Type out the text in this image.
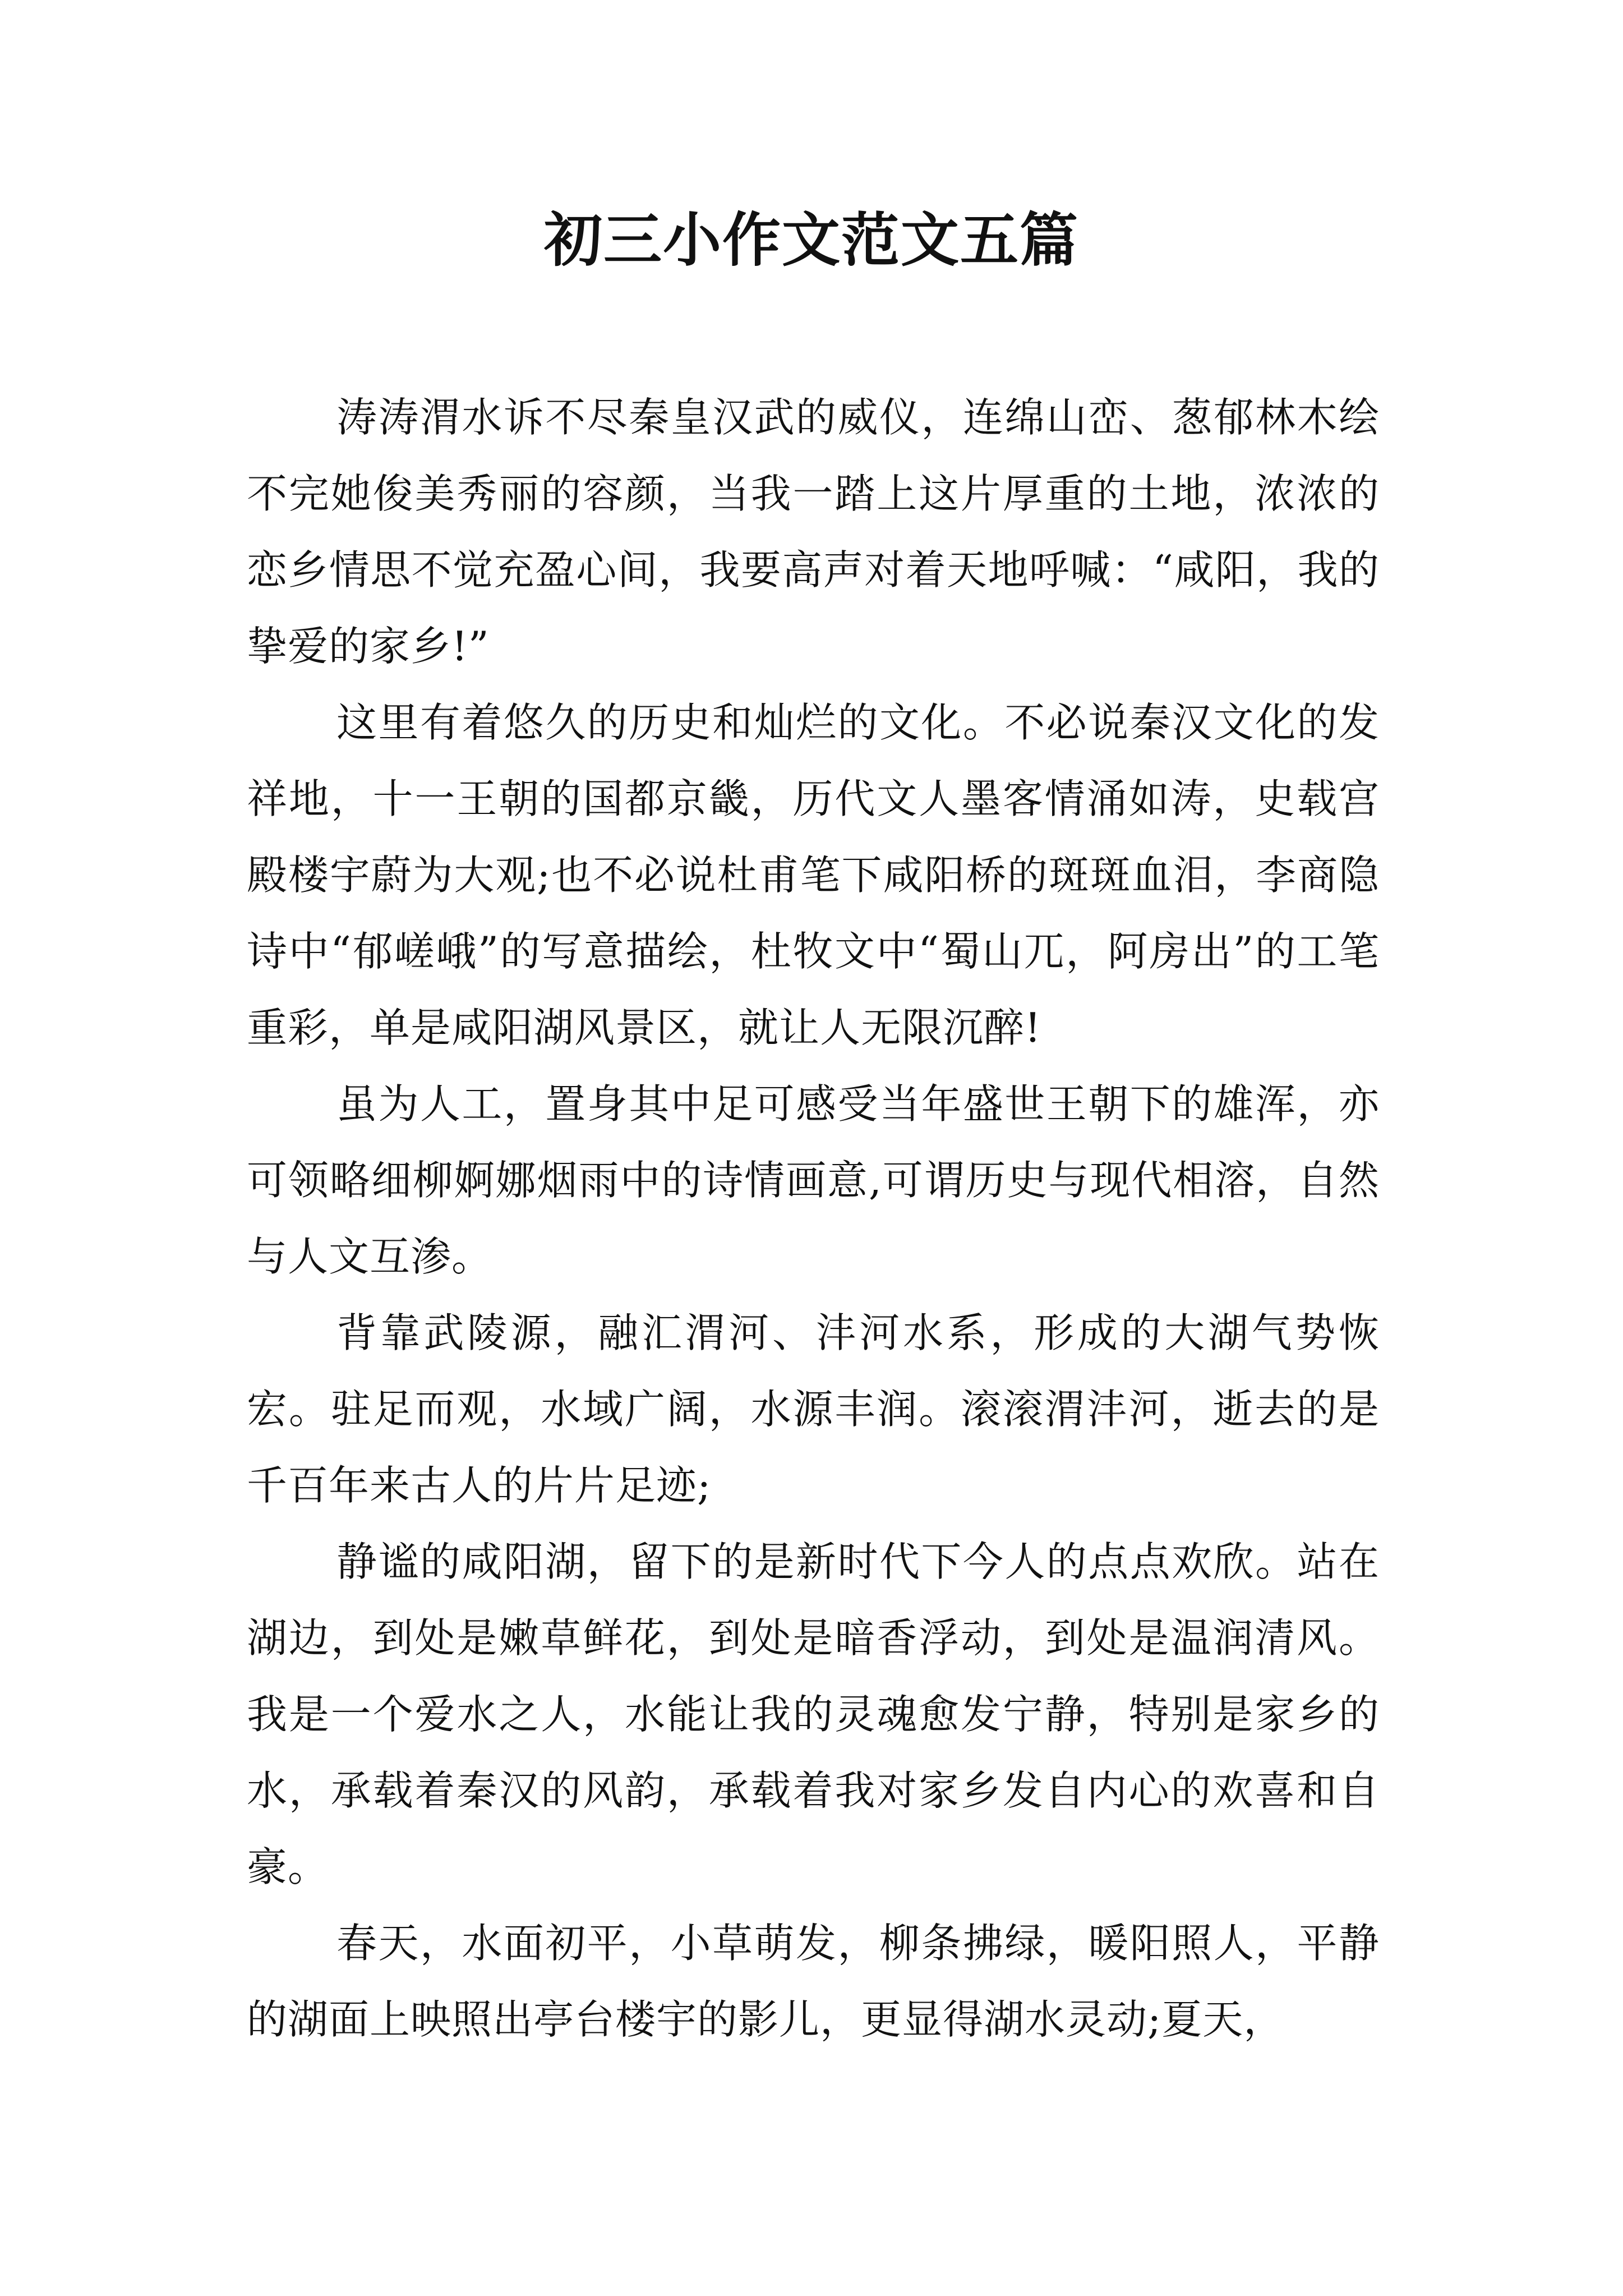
初三小作文范文五篇

涛涛渭水诉不尽秦皇汉武的威仪，连绵山峦、葱郁林木绘不完她俊美秀丽的容颜，当我一踏上这片厚重的土地，浓浓的恋乡情思不觉充盈心间，我要高声对着天地呼喊：“咸阳，我的挚爱的家乡!”

这里有着悠久的历史和灿烂的文化。不必说秦汉文化的发祥地，十一王朝的国都京畿，历代文人墨客情涌如涛，史载宫殿楼宇蔚为大观;也不必说杜甫笔下咸阳桥的斑斑血泪，李商隐诗中“郁嵯峨”的写意描绘，杜牧文中“蜀山兀，阿房出”的工笔重彩，单是咸阳湖风景区，就让人无限沉醉!

虽为人工，置身其中足可感受当年盛世王朝下的雄浑，亦可领略细柳婀娜烟雨中的诗情画意,可谓历史与现代相溶，自然与人文互渗。

背靠武陵源，融汇渭河、沣河水系，形成的大湖气势恢宏。驻足而观，水域广阔，水源丰润。滚滚渭沣河，逝去的是千百年来古人的片片足迹;

静谧的咸阳湖，留下的是新时代下今人的点点欢欣。站在湖边，到处是嫩草鲜花，到处是暗香浮动，到处是温润清风。我是一个爱水之人，水能让我的灵魂愈发宁静，特别是家乡的水，承载着秦汉的风韵，承载着我对家乡发自内心的欢喜和自豪。

春天，水面初平，小草萌发，柳条拂绿，暖阳照人，平静的湖面上映照出亭台楼宇的影儿，更显得湖水灵动;夏天，
